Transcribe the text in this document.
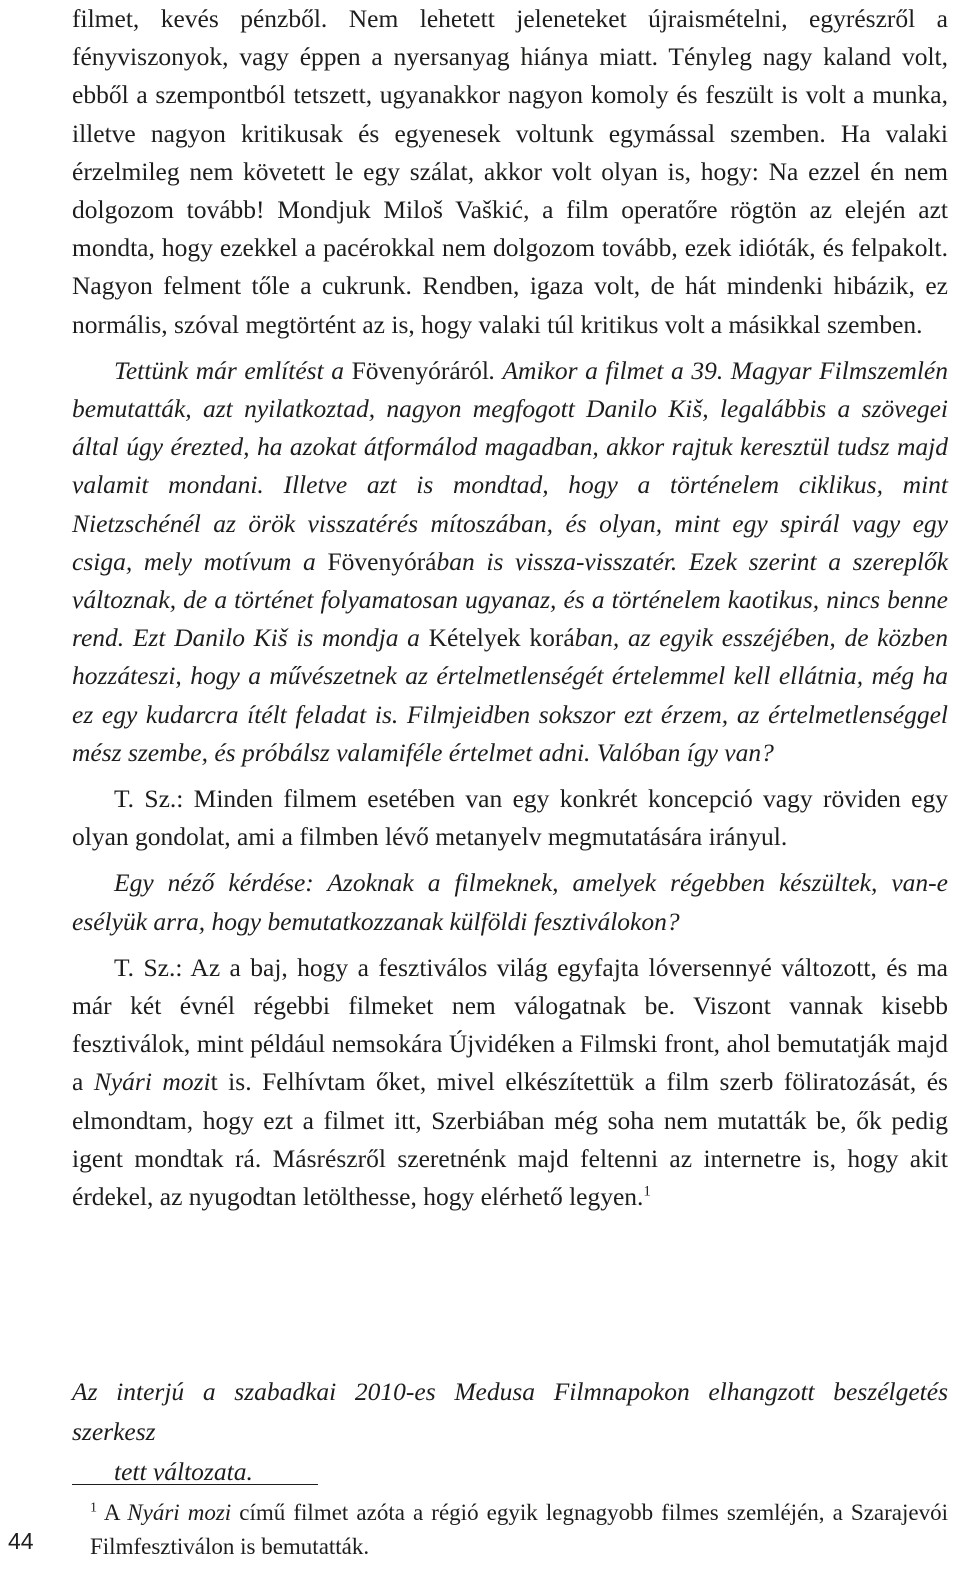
filmet, kevés pénzből. Nem lehetett jeleneteket újraismételni, egyrészről a fényviszonyok, vagy éppen a nyersanyag hiánya miatt. Tényleg nagy kaland volt, ebből a szempontból tetszett, ugyanakkor nagyon komoly és feszült is volt a munka, illetve nagyon kritikusak és egyenesek voltunk egymással szemben. Ha valaki érzelmileg nem követett le egy szálat, akkor volt olyan is, hogy: Na ezzel én nem dolgozom tovább! Mondjuk Miloš Vaškić, a film operatőre rögtön az elején azt mondta, hogy ezekkel a pacérokkal nem dolgozom tovább, ezek idióták, és felpakolt. Nagyon felment tőle a cukrunk. Rendben, igaza volt, de hát mindenki hibázik, ez normális, szóval megtörtént az is, hogy valaki túl kritikus volt a másikkal szemben.

Tettünk már említést a Fövenyóráról. Amikor a filmet a 39. Magyar Filmszemlén bemutatták, azt nyilatkoztad, nagyon megfogott Danilo Kiš, legalábbis a szövegei által úgy érezted, ha azokat átformálod magadban, akkor rajtuk keresztül tudsz majd valamit mondani. Illetve azt is mondtad, hogy a történelem ciklikus, mint Nietzschénél az örök visszatérés mítoszában, és olyan, mint egy spirál vagy egy csiga, mely motívum a Fövenyórában is vissza-visszatér. Ezek szerint a szereplők változnak, de a történet folyamatosan ugyanaz, és a történelem kaotikus, nincs benne rend. Ezt Danilo Kiš is mondja a Kételyek korában, az egyik esszéjében, de közben hozzáteszi, hogy a művészetnek az értelmetlenségét értelemmel kell ellátnia, még ha ez egy kudarcra ítélt feladat is. Filmjeidben sokszor ezt érzem, az értelmetlenséggel mész szembe, és próbálsz valamiféle értelmet adni. Valóban így van?

T. Sz.: Minden filmem esetében van egy konkrét koncepció vagy röviden egy olyan gondolat, ami a filmben lévő metanyelv megmutatására irányul.

Egy néző kérdése: Azoknak a filmeknek, amelyek régebben készültek, van-e esélyük arra, hogy bemutatkozzanak külföldi fesztiválokon?

T. Sz.: Az a baj, hogy a fesztiválos világ egyfajta lóversennyé változott, és ma már két évnél régebbi filmeket nem válogatnak be. Viszont vannak kisebb fesztiválok, mint például nemsokára Újvidéken a Filmski front, ahol bemutatják majd a Nyári mozit is. Felhívtam őket, mivel elkészítettük a film szerb föliratozását, és elmondtam, hogy ezt a filmet itt, Szerbiában még soha nem mutatták be, ők pedig igent mondtak rá. Másrészről szeretnénk majd feltenni az internetre is, hogy akit érdekel, az nyugodtan letölthesse, hogy elérhető legyen.$^1$

Az interjú a szabadkai 2010-es Medusa Filmnapokon elhangzott beszélgetés szerkesz
tett változata.
$^1$ A Nyári mozi című filmet azóta a régió egyik legnagyobb filmes szemléjén, a Szarajevói Filmfesztiválon is bemutatták.
44
